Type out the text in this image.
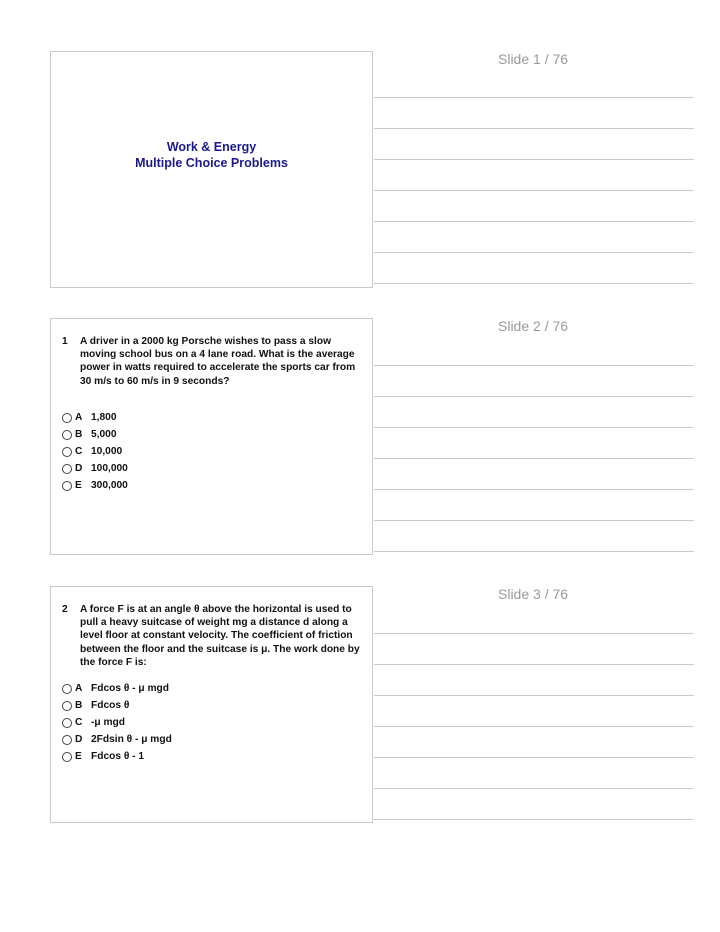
Slide 1 / 76
Work & Energy
Multiple Choice Problems
Slide 2 / 76
1 A driver in a 2000 kg Porsche wishes to pass a slow moving school bus on a 4 lane road. What is the average power in watts required to accelerate the sports car from 30 m/s to 60 m/s in 9 seconds?
A 1,800
B 5,000
C 10,000
D 100,000
E 300,000
Slide 3 / 76
2 A force F is at an angle θ above the horizontal is used to pull a heavy suitcase of weight mg a distance d along a level floor at constant velocity. The coefficient of friction between the floor and the suitcase is μ. The work done by the force F is:
A Fdcos θ - μ mgd
B Fdcos θ
C -μ mgd
D 2Fdsin θ - μ mgd
E Fdcos θ - 1
